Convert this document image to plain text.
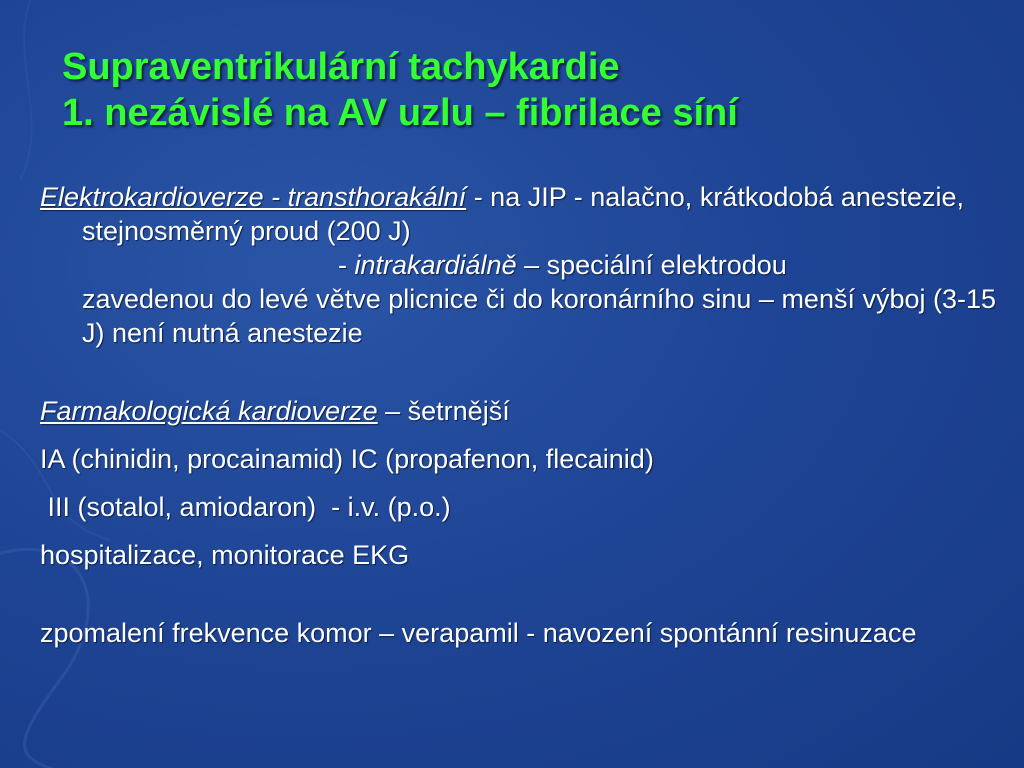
Supraventrikulární tachykardie
1. nezávislé na AV uzlu – fibrilace síní

Elektrokardioverze - transthorakální - na JIP - nalačno, krátkodobá anestezie, stejnosměrný proud (200 J)

- intrakardiálně – speciální elektrodou

zavedenou do levé větve plicnice či do koronárního sinu – menší výboj (3-15 J) není nutná anestezie

Farmakologická kardioverze – šetrnější

IA (chinidin, procainamid) IC (propafenon, flecainid)

III (sotalol, amiodaron)  - i.v. (p.o.)

hospitalizace, monitorace EKG

zpomalení frekvence komor – verapamil - navození spontánní resinuzace
